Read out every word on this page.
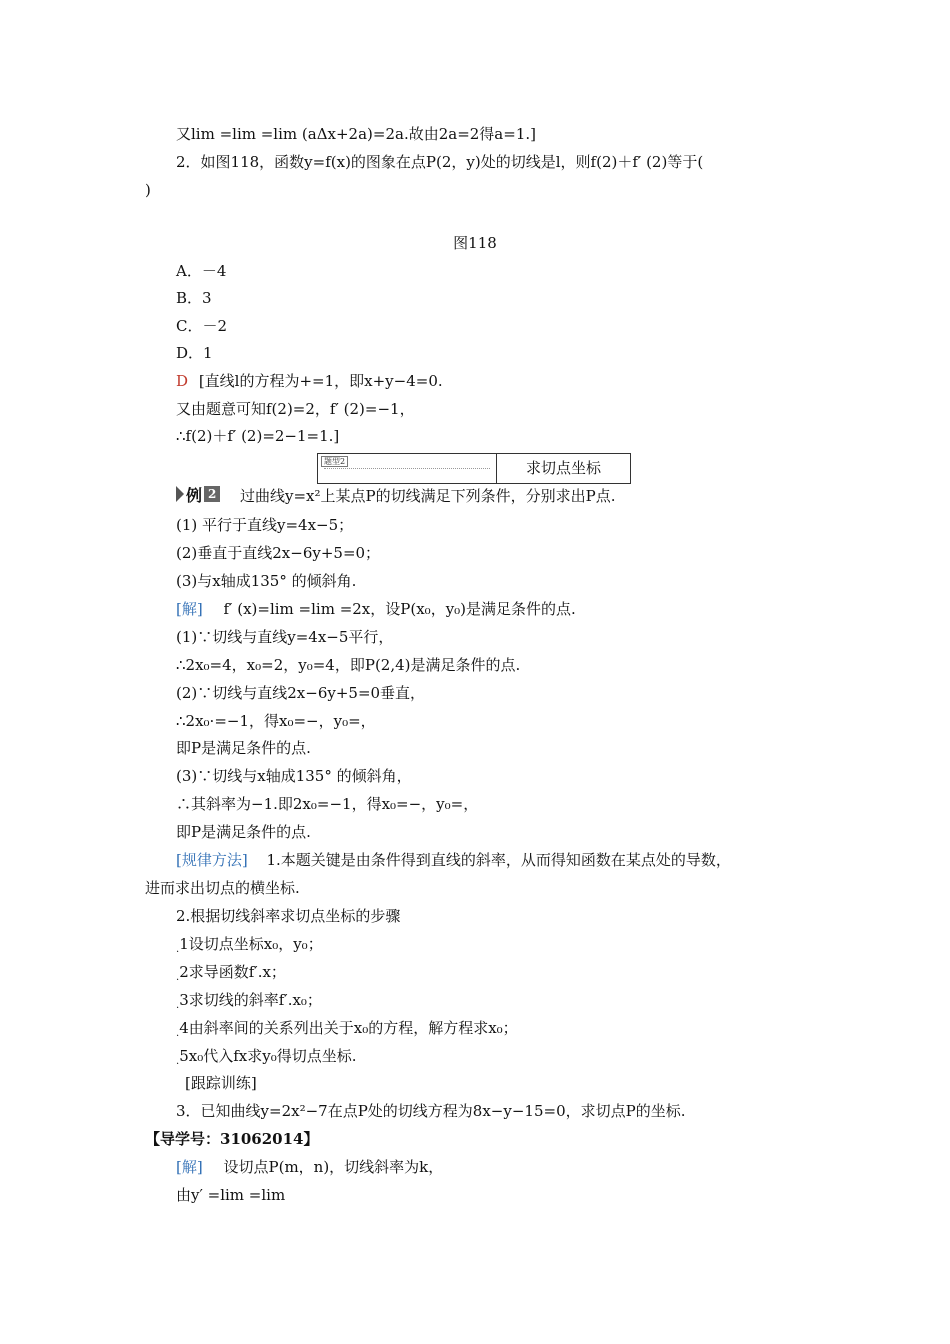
又lim =lim =lim (aΔx+2a)=2a.故由2a=2得a=1.]
2．如图118，函数y=f(x)的图象在点P(2，y)处的切线是l，则f(2)＋f′ (2)等于(
)
图118
A．－4
B．3
C．－2
D．1
D [直线l的方程为+=1，即x+y−4=0.
又由题意可知f(2)=2，f′ (2)=−1，
∴f(2)＋f′ (2)=2−1=1.]
题型2	求切点坐标
例 2 过曲线y=x²上某点P的切线满足下列条件，分别求出P点.
(1) 平行于直线y=4x−5；
(2)垂直于直线2x−6y+5=0；
(3)与x轴成135° 的倾斜角.
[解] f′ (x)=lim =lim =2x，设P(x₀，y₀)是满足条件的点.
(1)∵切线与直线y=4x−5平行，
∴2x₀=4，x₀=2，y₀=4，即P(2,4)是满足条件的点.
(2)∵切线与直线2x−6y+5=0垂直，
∴2x₀·=−1，得x₀=−，y₀=，
即P是满足条件的点.
(3)∵切线与x轴成135° 的倾斜角，
∴其斜率为−1.即2x₀=−1，得x₀=−，y₀=，
即P是满足条件的点.
[规律方法] 1.本题关键是由条件得到直线的斜率，从而得知函数在某点处的导数，
进而求出切点的横坐标.
2.根据切线斜率求切点坐标的步骤
$_.$1设切点坐标x₀，y₀；
$_.$2求导函数f′.x；
$_.$3求切线的斜率f′.x₀；
$_.$4由斜率间的关系列出关于x₀的方程，解方程求x₀；
$_.$5x₀代入fx求y₀得切点坐标.
[跟踪训练]
3．已知曲线y=2x²−7在点P处的切线方程为8x−y−15=0，求切点P的坐标.
【导学号：31062014】
[解] 设切点P(m，n)，切线斜率为k，
由y′ =lim =lim
